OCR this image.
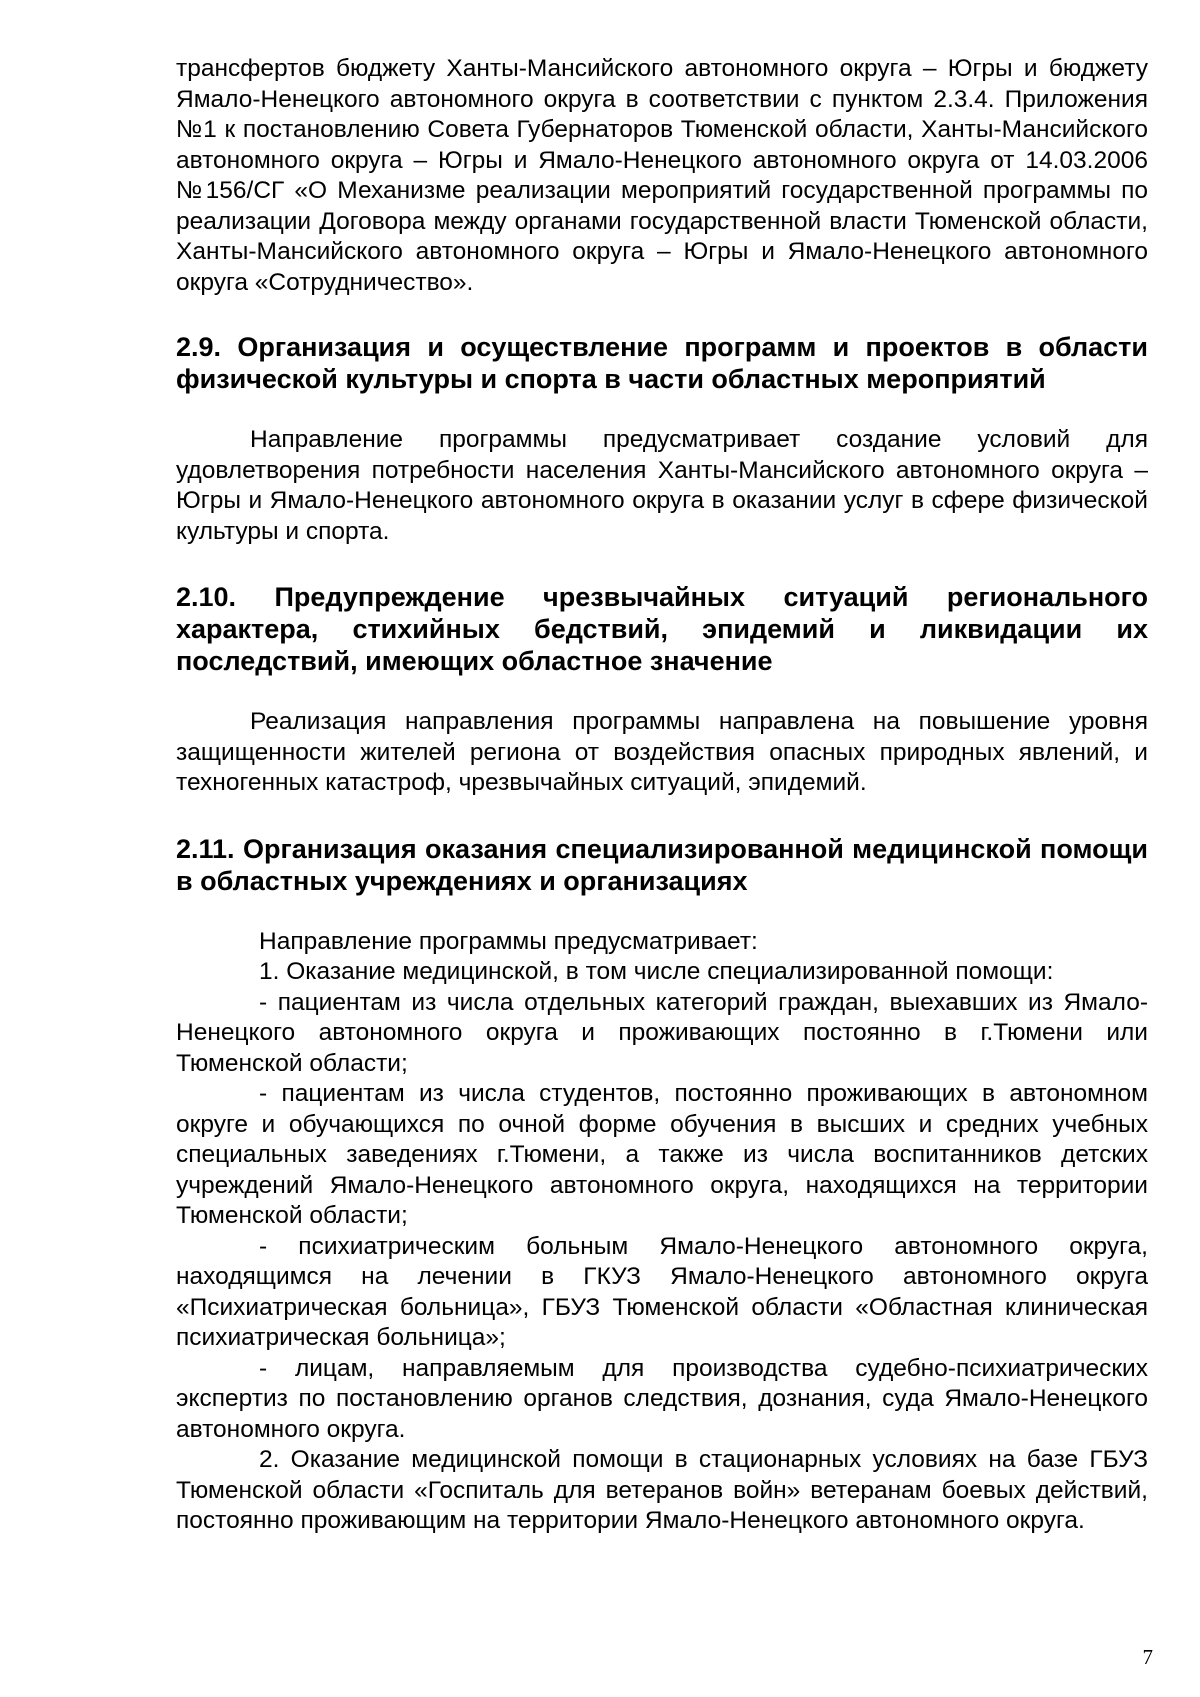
трансфертов бюджету Ханты-Мансийского автономного округа – Югры и бюджету Ямало-Ненецкого автономного округа в соответствии с пунктом 2.3.4. Приложения №1 к постановлению Совета Губернаторов Тюменской области, Ханты-Мансийского автономного округа – Югры и Ямало-Ненецкого автономного округа от 14.03.2006 №156/СГ «О Механизме реализации мероприятий государственной программы по реализации Договора между органами государственной власти Тюменской области, Ханты-Мансийского автономного округа – Югры и Ямало-Ненецкого автономного округа «Сотрудничество».

2.9. Организация и осуществление программ и проектов в области физической культуры и спорта в части областных мероприятий

Направление программы предусматривает создание условий для удовлетворения потребности населения Ханты-Мансийского автономного округа – Югры и Ямало-Ненецкого автономного округа в оказании услуг в сфере физической культуры и спорта.

2.10. Предупреждение чрезвычайных ситуаций регионального характера, стихийных бедствий, эпидемий и ликвидации их последствий, имеющих областное значение

Реализация направления программы направлена на повышение уровня защищенности жителей региона от воздействия опасных природных явлений, и техногенных катастроф, чрезвычайных ситуаций, эпидемий.

2.11. Организация оказания специализированной медицинской помощи в областных учреждениях и организациях

Направление программы предусматривает:

1. Оказание медицинской, в том числе специализированной помощи:

- пациентам из числа отдельных категорий граждан, выехавших из Ямало-Ненецкого автономного округа и проживающих постоянно в г.Тюмени или Тюменской области;

- пациентам из числа студентов, постоянно проживающих в автономном округе и обучающихся по очной форме обучения в высших и средних учебных специальных заведениях г.Тюмени, а также из числа воспитанников детских учреждений Ямало-Ненецкого автономного округа, находящихся на территории Тюменской области;

- психиатрическим больным Ямало-Ненецкого автономного округа, находящимся на лечении в ГКУЗ Ямало-Ненецкого автономного округа «Психиатрическая больница», ГБУЗ Тюменской области «Областная клиническая психиатрическая больница»;

- лицам, направляемым для производства судебно-психиатрических экспертиз по постановлению органов следствия, дознания, суда Ямало-Ненецкого автономного округа.

2. Оказание медицинской помощи в стационарных условиях на базе ГБУЗ Тюменской области «Госпиталь для ветеранов войн» ветеранам боевых действий, постоянно проживающим на территории Ямало-Ненецкого автономного округа.

7
